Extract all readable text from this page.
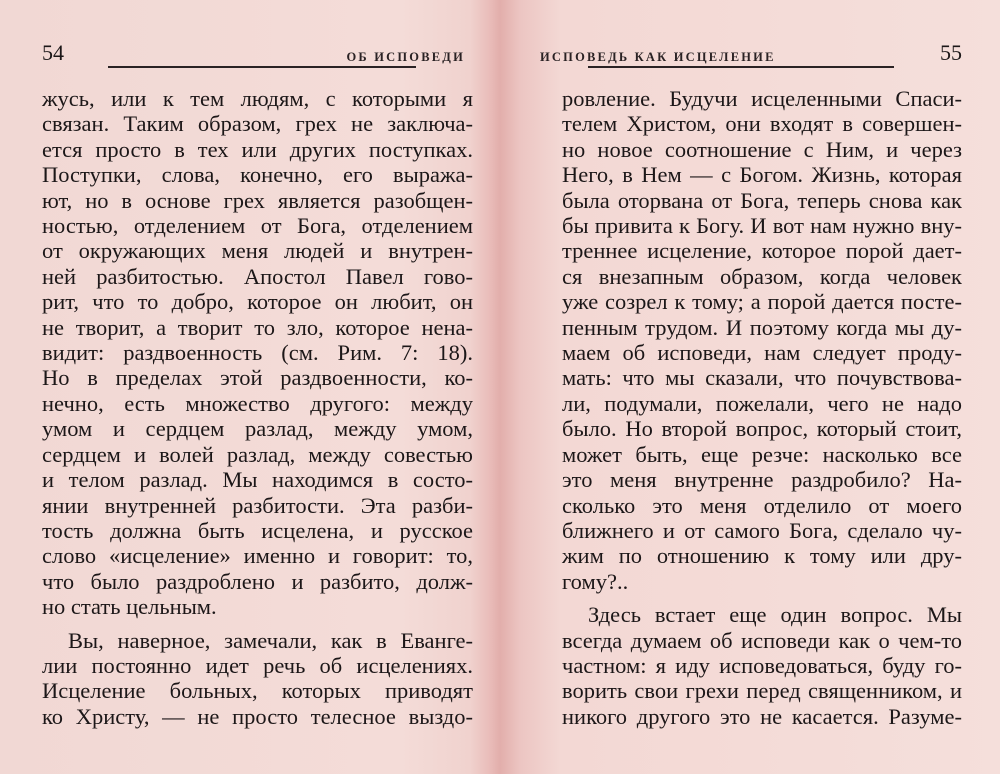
54	ОБ ИСПОВЕДИ
жусь, или к тем людям, с которыми я
связан. Таким образом, грех не заключа-
ется просто в тех или других поступках.
Поступки, слова, конечно, его выража-
ют, но в основе грех является разобщен-
ностью, отделением от Бога, отделением
от окружающих меня людей и внутрен-
ней разбитостью. Апостол Павел гово-
рит, что то добро, которое он любит, он
не творит, а творит то зло, которое нена-
видит: раздвоенность (см. Рим. 7: 18).
Но в пределах этой раздвоенности, ко-
нечно, есть множество другого: между
умом и сердцем разлад, между умом,
сердцем и волей разлад, между совестью
и телом разлад. Мы находимся в состо-
янии внутренней разбитости. Эта разби-
тость должна быть исцелена, и русское
слово «исцеление» именно и говорит: то,
что было раздроблено и разбито, долж-
но стать цельным.
Вы, наверное, замечали, как в Еванге-
лии постоянно идет речь об исцелениях.
Исцеление больных, которых приводят
ко Христу, — не просто телесное выздо-
ИСПОВЕДЬ КАК ИСЦЕЛЕНИЕ	55
ровление. Будучи исцеленными Спаси-
телем Христом, они входят в совершен-
но новое соотношение с Ним, и через
Него, в Нем — с Богом. Жизнь, которая
была оторвана от Бога, теперь снова как
бы привита к Богу. И вот нам нужно вну-
треннее исцеление, которое порой дает-
ся внезапным образом, когда человек
уже созрел к тому; а порой дается посте-
пенным трудом. И поэтому когда мы ду-
маем об исповеди, нам следует проду-
мать: что мы сказали, что почувствова-
ли, подумали, пожелали, чего не надо
было. Но второй вопрос, который стоит,
может быть, еще резче: насколько все
это меня внутренне раздробило? На-
сколько это меня отделило от моего
ближнего и от самого Бога, сделало чу-
жим по отношению к тому или дру-
гому?..
Здесь встает еще один вопрос. Мы
всегда думаем об исповеди как о чем-то
частном: я иду исповедоваться, буду го-
ворить свои грехи перед священником, и
никого другого это не касается. Разуме-
